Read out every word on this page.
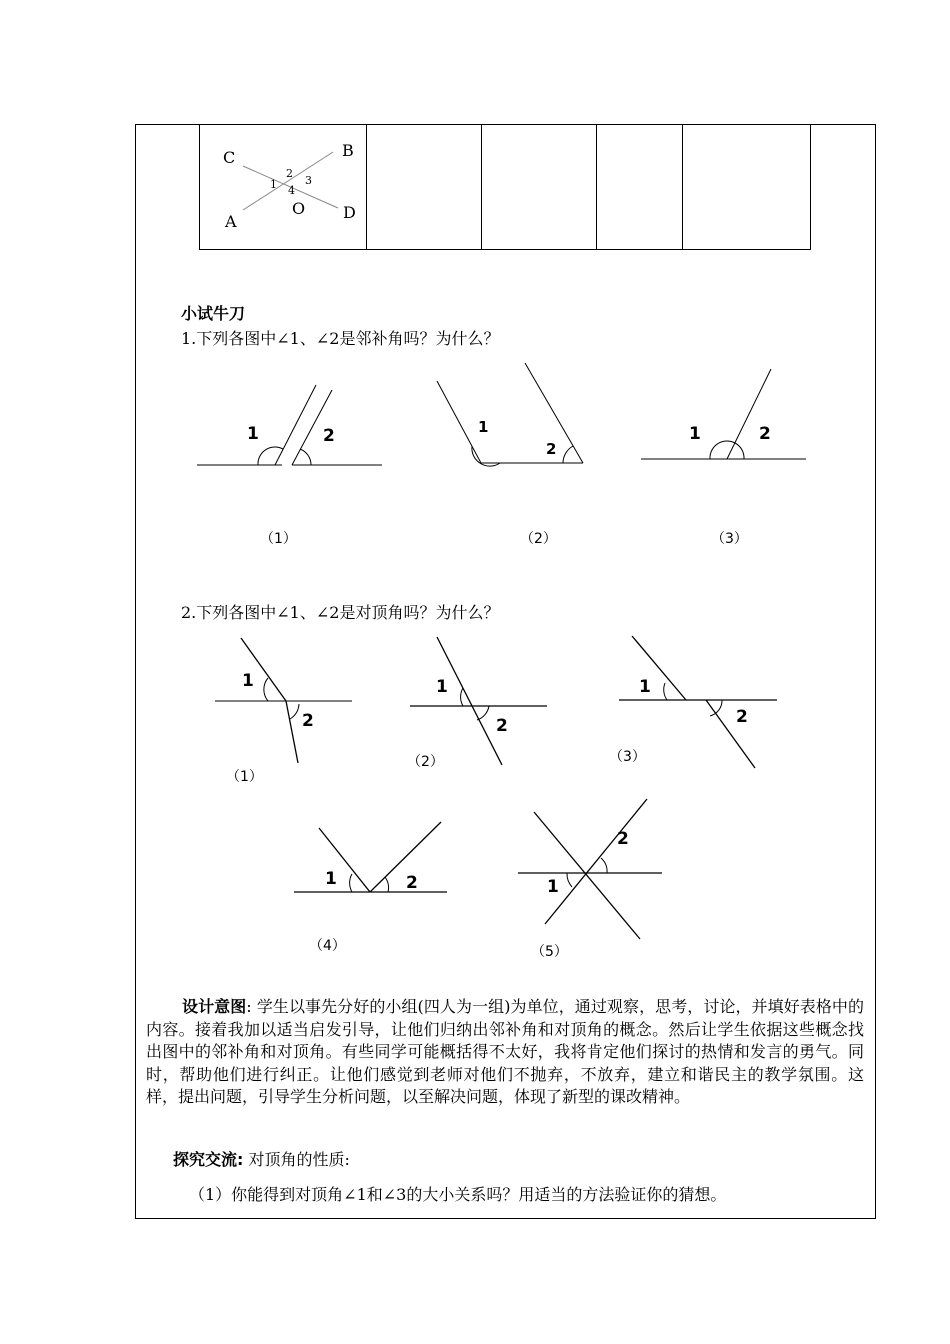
C	B
A
O D
1
2
3
4
小试牛刀
1.下列各图中∠1、∠2是邻补角吗？为什么？
1	2
（1）
1
2
（2）
1	2
（3）
2.下列各图中∠1、∠2是对顶角吗？为什么？
1
2
（1）
1
2
（2）
1
2
（3）
1	2
（4）
1
2
（5）
设计意图: 学生以事先分好的小组(四人为一组)为单位，通过观察，思考，讨论，并填好表格中的内容。接着我加以适当启发引导，让他们归纳出邻补角和对顶角的概念。然后让学生依据这些概念找出图中的邻补角和对顶角。有些同学可能概括得不太好，我将肯定他们探讨的热情和发言的勇气。同时，帮助他们进行纠正。让他们感觉到老师对他们不抛弃，不放弃，建立和谐民主的教学氛围。这样，提出问题，引导学生分析问题，以至解决问题，体现了新型的课改精神。
探究交流: 对顶角的性质:
（1）你能得到对顶角∠1和∠3的大小关系吗？用适当的方法验证你的猜想。
